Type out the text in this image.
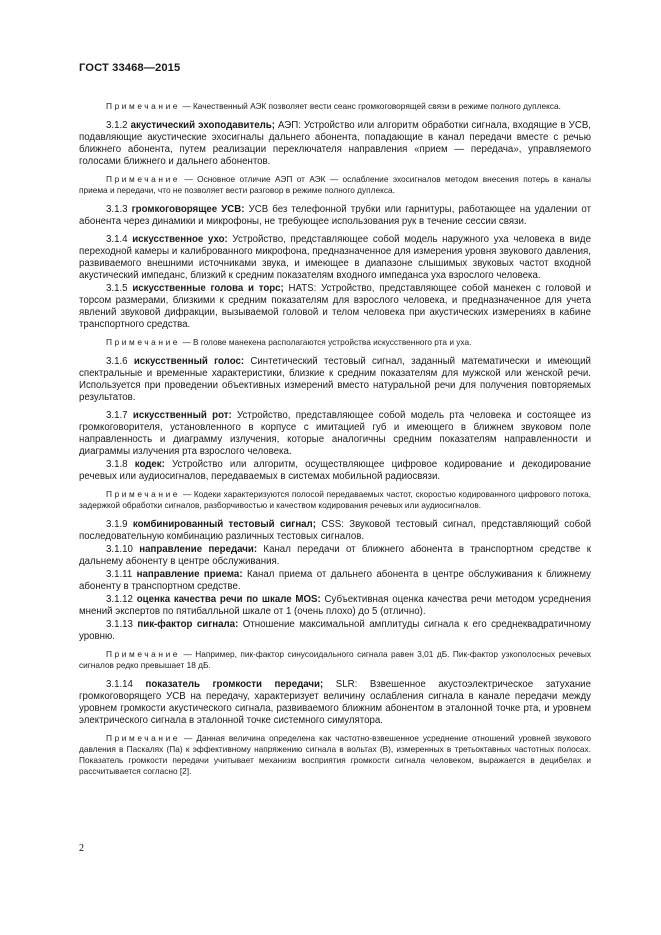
ГОСТ 33468—2015

Примечание — Качественный АЭК позволяет вести сеанс громкоговорящей связи в режиме полного дуплекса.

3.1.2 акустический эхоподавитель; АЭП: Устройство или алгоритм обработки сигнала, входящие в УСВ, подавляющие акустические эхосигналы дальнего абонента, попадающие в канал передачи вместе с речью ближнего абонента, путем реализации переключателя направления «прием — передача», управляемого голосами ближнего и дальнего абонентов.

Примечание — Основное отличие АЭП от АЭК — ослабление эхосигналов методом внесения потерь в каналы приема и передачи, что не позволяет вести разговор в режиме полного дуплекса.

3.1.3 громкоговорящее УСВ: УСВ без телефонной трубки или гарнитуры, работающее на удалении от абонента через динамики и микрофоны, не требующее использования рук в течение сессии связи.

3.1.4 искусственное ухо: Устройство, представляющее собой модель наружного уха человека в виде переходной камеры и калиброванного микрофона, предназначенное для измерения уровня звукового давления, развиваемого внешними источниками звука, и имеющее в диапазоне слышимых звуковых частот входной акустический импеданс, близкий к средним показателям входного импеданса уха взрослого человека.

3.1.5 искусственные голова и торс; HATS: Устройство, представляющее собой манекен с головой и торсом размерами, близкими к средним показателям для взрослого человека, и предназначенное для учета явлений звуковой дифракции, вызываемой головой и телом человека при акустических измерениях в кабине транспортного средства.

Примечание — В голове манекена располагаются устройства искусственного рта и уха.

3.1.6 искусственный голос: Синтетический тестовый сигнал, заданный математически и имеющий спектральные и временные характеристики, близкие к средним показателям для мужской или женской речи. Используется при проведении объективных измерений вместо натуральной речи для получения повторяемых результатов.

3.1.7 искусственный рот: Устройство, представляющее собой модель рта человека и состоящее из громкоговорителя, установленного в корпусе с имитацией губ и имеющего в ближнем звуковом поле направленность и диаграмму излучения, которые аналогичны средним показателям направленности и диаграммы излучения рта взрослого человека.

3.1.8 кодек: Устройство или алгоритм, осуществляющее цифровое кодирование и декодирование речевых или аудиосигналов, передаваемых в системах мобильной радиосвязи.

Примечание — Кодеки характеризуются полосой передаваемых частот, скоростью кодированного цифрового потока, задержкой обработки сигналов, разборчивостью и качеством кодирования речевых или аудиосигналов.

3.1.9 комбинированный тестовый сигнал; CSS: Звуковой тестовый сигнал, представляющий собой последовательную комбинацию различных тестовых сигналов.

3.1.10 направление передачи: Канал передачи от ближнего абонента в транспортном средстве к дальнему абоненту в центре обслуживания.

3.1.11 направление приема: Канал приема от дальнего абонента в центре обслуживания к ближнему абоненту в транспортном средстве.

3.1.12 оценка качества речи по шкале MOS: Субъективная оценка качества речи методом усреднения мнений экспертов по пятибалльной шкале от 1 (очень плохо) до 5 (отлично).

3.1.13 пик-фактор сигнала: Отношение максимальной амплитуды сигнала к его среднеквадратичному уровню.

Примечание — Например, пик-фактор синусоидального сигнала равен 3,01 дБ. Пик-фактор узкополосных речевых сигналов редко превышает 18 дБ.

3.1.14 показатель громкости передачи; SLR: Взвешенное акустоэлектрическое затухание громкоговорящего УСВ на передачу, характеризует величину ослабления сигнала в канале передачи между уровнем громкости акустического сигнала, развиваемого ближним абонентом в эталонной точке рта, и уровнем электрического сигнала в эталонной точке системного симулятора.

Примечание — Данная величина определена как частотно-взвешенное усреднение отношений уровней звукового давления в Паскалях (Па) к эффективному напряжению сигнала в вольтах (В), измеренных в третьоктавных частотных полосах. Показатель громкости передачи учитывает механизм восприятия громкости сигнала человеком, выражается в децибелах и рассчитывается согласно [2].

2
